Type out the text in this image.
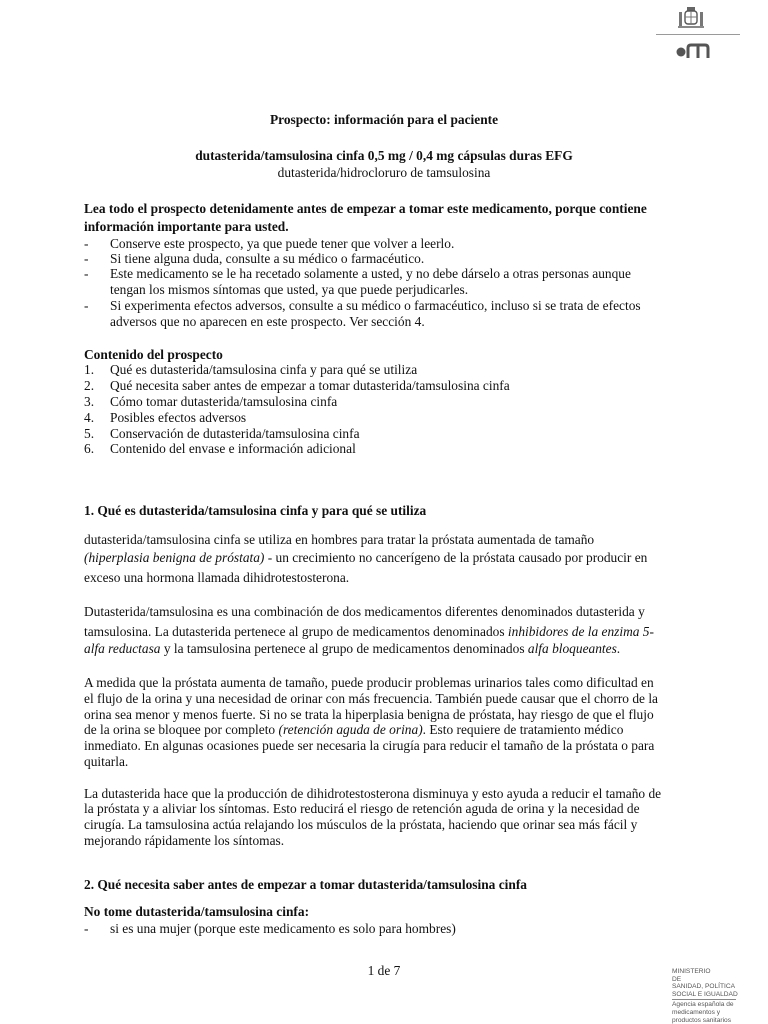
Prospecto: información para el paciente
dutasterida/tamsulosina cinfa 0,5 mg / 0,4 mg cápsulas duras EFG
dutasterida/hidrocloruro de tamsulosina
Lea todo el prospecto detenidamente antes de empezar a tomar este medicamento, porque contiene
información importante para usted.
-	Conserve este prospecto, ya que puede tener que volver a leerlo.
-	Si tiene alguna duda, consulte a su médico o farmacéutico.
-	Este medicamento se le ha recetado solamente a usted, y no debe dárselo a otras personas aunque
tengan los mismos síntomas que usted, ya que puede perjudicarles.
-	Si experimenta efectos adversos, consulte a su médico o farmacéutico, incluso si se trata de efectos
adversos que no aparecen en este prospecto. Ver sección 4.
Contenido del prospecto
1. Qué es dutasterida/tamsulosina cinfa y para qué se utiliza
2. Qué necesita saber antes de empezar a tomar dutasterida/tamsulosina cinfa
3. Cómo tomar dutasterida/tamsulosina cinfa
4. Posibles efectos adversos
5. Conservación de dutasterida/tamsulosina cinfa
6. Contenido del envase e información adicional
1. Qué es dutasterida/tamsulosina cinfa y para qué se utiliza
dutasterida/tamsulosina cinfa se utiliza en hombres para tratar la próstata aumentada de tamaño
(hiperplasia benigna de próstata) - un crecimiento no cancerígeno de la próstata causado por producir en
exceso una hormona llamada dihidrotestosterona.
Dutasterida/tamsulosina es una combinación de dos medicamentos diferentes denominados dutasterida y
tamsulosina. La dutasterida pertenece al grupo de medicamentos denominados inhibidores de la enzima 5-
alfa reductasa y la tamsulosina pertenece al grupo de medicamentos denominados alfa bloqueantes.
A medida que la próstata aumenta de tamaño, puede producir problemas urinarios tales como dificultad en
el flujo de la orina y una necesidad de orinar con más frecuencia. También puede causar que el chorro de la
orina sea menor y menos fuerte. Si no se trata la hiperplasia benigna de próstata, hay riesgo de que el flujo
de la orina se bloquee por completo (retención aguda de orina). Esto requiere de tratamiento médico
inmediato. En algunas ocasiones puede ser necesaria la cirugía para reducir el tamaño de la próstata o para
quitarla.
La dutasterida hace que la producción de dihidrotestosterona disminuya y esto ayuda a reducir el tamaño de
la próstata y a aliviar los síntomas. Esto reducirá el riesgo de retención aguda de orina y la necesidad de
cirugía. La tamsulosina actúa relajando los músculos de la próstata, haciendo que orinar sea más fácil y
mejorando rápidamente los síntomas.
2. Qué necesita saber antes de empezar a tomar dutasterida/tamsulosina cinfa
No tome dutasterida/tamsulosina cinfa:
-	si es una mujer (porque este medicamento es solo para hombres)
1 de 7	MINISTERIO
DE
SANIDAD, POLÍTICA
SOCIAL E IGUALDAD
Agencia española de
medicamentos y
productos sanitarios
